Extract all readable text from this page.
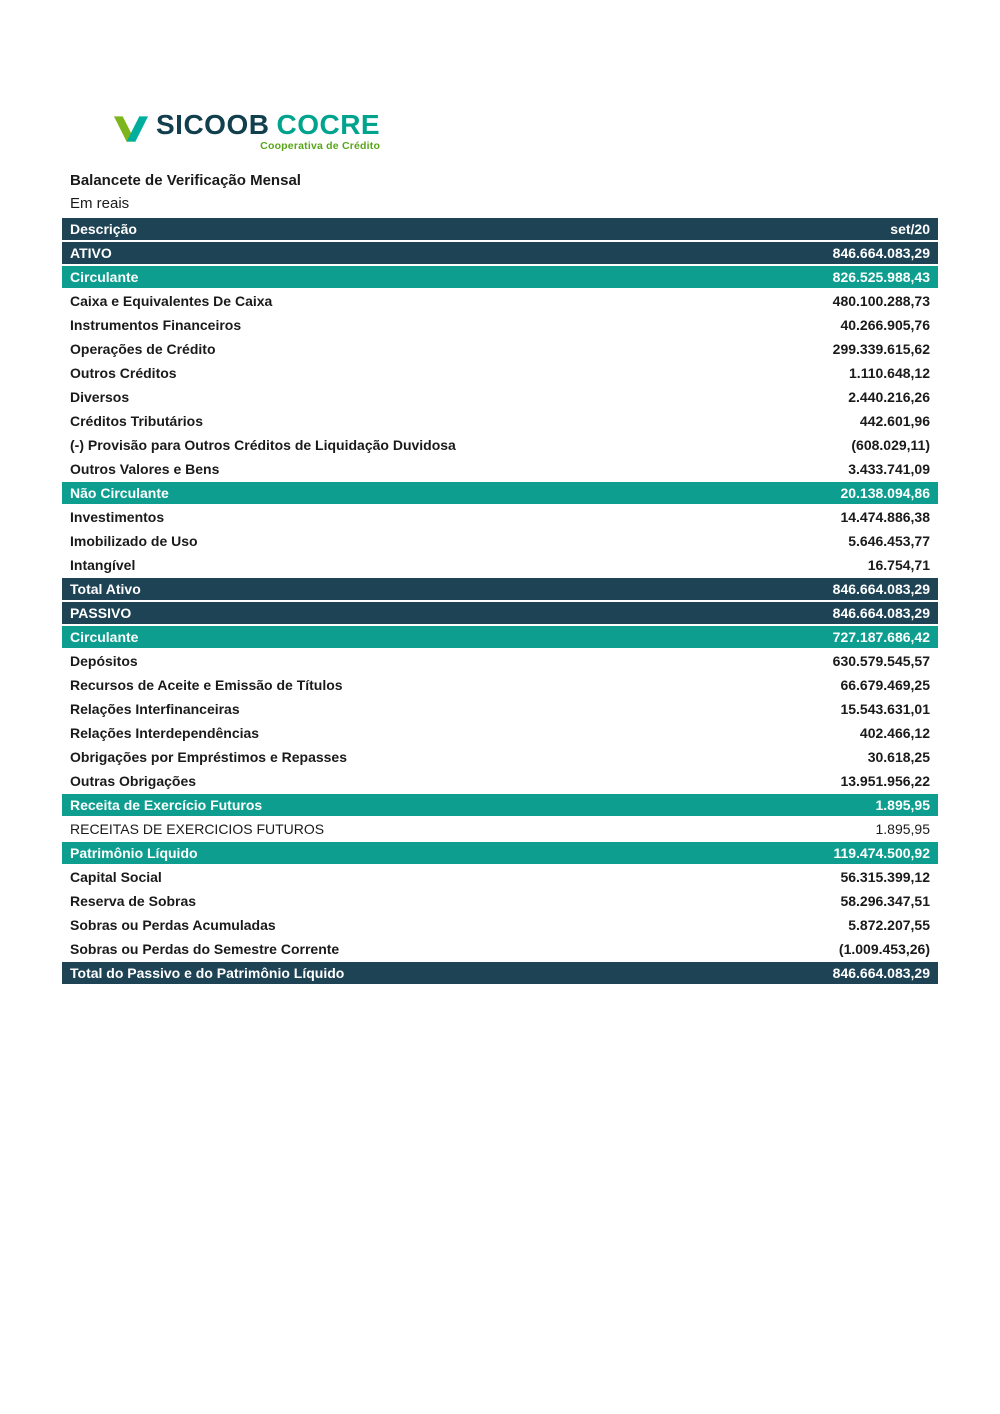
SICOOB COCRE
Cooperativa de Crédito
Balancete de Verificação Mensal
Em reais
Descrição	set/20
ATIVO	846.664.083,29
Circulante	826.525.988,43
Caixa e Equivalentes De Caixa	480.100.288,73
Instrumentos Financeiros	40.266.905,76
Operações de Crédito	299.339.615,62
Outros Créditos	1.110.648,12
Diversos	2.440.216,26
Créditos Tributários	442.601,96
(-) Provisão para Outros Créditos de Liquidação Duvidosa	(608.029,11)
Outros Valores e Bens	3.433.741,09
Não Circulante	20.138.094,86
Investimentos	14.474.886,38
Imobilizado de Uso	5.646.453,77
Intangível	16.754,71
Total Ativo	846.664.083,29
PASSIVO	846.664.083,29
Circulante	727.187.686,42
Depósitos	630.579.545,57
Recursos de Aceite e Emissão de Títulos	66.679.469,25
Relações Interfinanceiras	15.543.631,01
Relações Interdependências	402.466,12
Obrigações por Empréstimos e Repasses	30.618,25
Outras Obrigações	13.951.956,22
Receita de Exercício Futuros	1.895,95
RECEITAS DE EXERCICIOS FUTUROS	1.895,95
Patrimônio Líquido	119.474.500,92
Capital Social	56.315.399,12
Reserva de Sobras	58.296.347,51
Sobras ou Perdas Acumuladas	5.872.207,55
Sobras ou Perdas do Semestre Corrente	(1.009.453,26)
Total do Passivo e do Patrimônio Líquido	846.664.083,29
